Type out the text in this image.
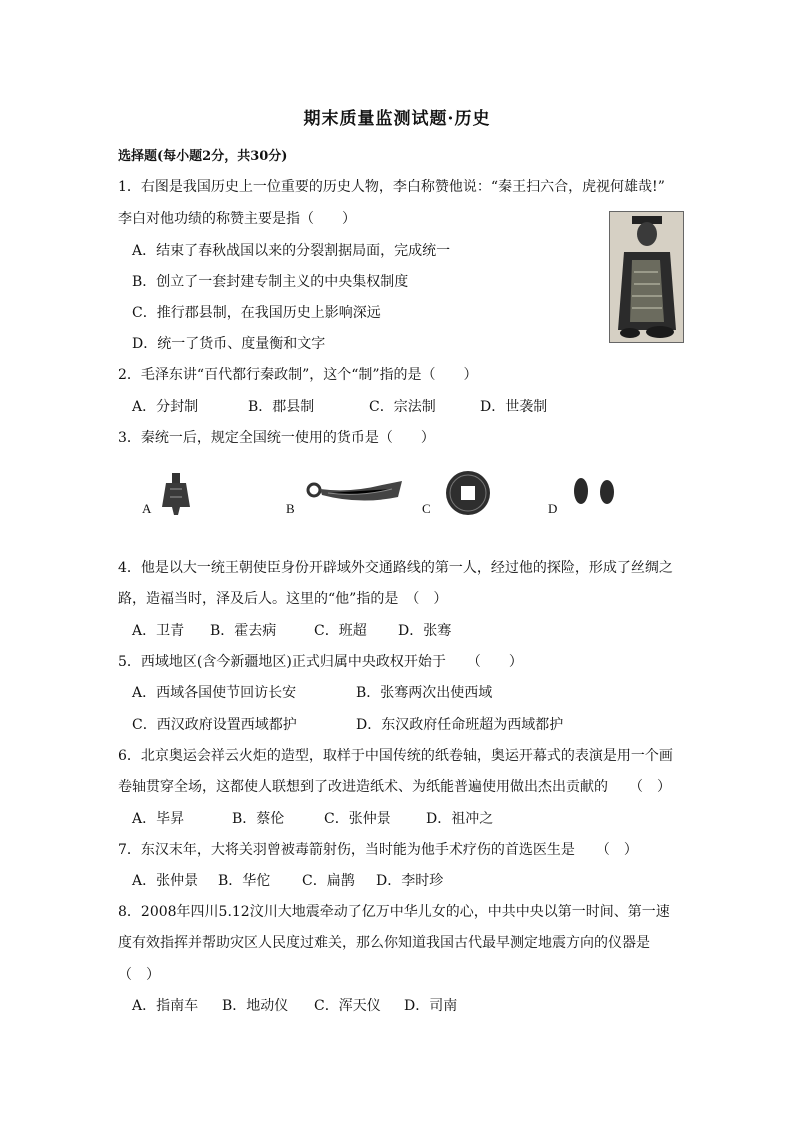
期末质量监测试题·历史
选择题(每小题2分，共30分)
1．右图是我国历史上一位重要的历史人物，李白称赞他说：“秦王扫六合，虎视何雄哉!”
李白对他功绩的称赞主要是指（　　）
A．结束了春秋战国以来的分裂割据局面，完成统一
B．创立了一套封建专制主义的中央集权制度
C．推行郡县制，在我国历史上影响深远
D．统一了货币、度量衡和文字
2．毛泽东讲“百代都行秦政制”，这个“制”指的是（　　）
A．分封制	B．郡县制	C．宗法制	D．世袭制
3．秦统一后，规定全国统一使用的货币是（　　）
A	B	C	D
4．他是以大一统王朝使臣身份开辟域外交通路线的第一人，经过他的探险，形成了丝绸之
路，造福当时，泽及后人。这里的“他”指的是　（　）
A．卫青 B．霍去病	C．班超 D．张骞
5．西域地区(含今新疆地区)正式归属中央政权开始于　　（　　）
A．西域各国使节回访长安	B．张骞两次出使西域
C．西汉政府设置西域都护	D．东汉政府任命班超为西域都护
6．北京奥运会祥云火炬的造型，取样于中国传统的纸卷轴，奥运开幕式的表演是用一个画
卷轴贯穿全场，这都使人联想到了改进造纸术、为纸能普遍使用做出杰出贡献的　　（　）
A．毕昇	B．蔡伦	C．张仲景	D．祖冲之
7．东汉末年，大将关羽曾被毒箭射伤，当时能为他手术疗伤的首选医生是　　（　）
A．张仲景 B．华佗 C．扁鹊 D．李时珍
8．2008年四川5.12汶川大地震牵动了亿万中华儿女的心，中共中央以第一时间、第一速
度有效指挥并帮助灾区人民度过难关，那么你知道我国古代最早测定地震方向的仪器是
（　）
A．指南车 B．地动仪 C．浑天仪 D．司南
